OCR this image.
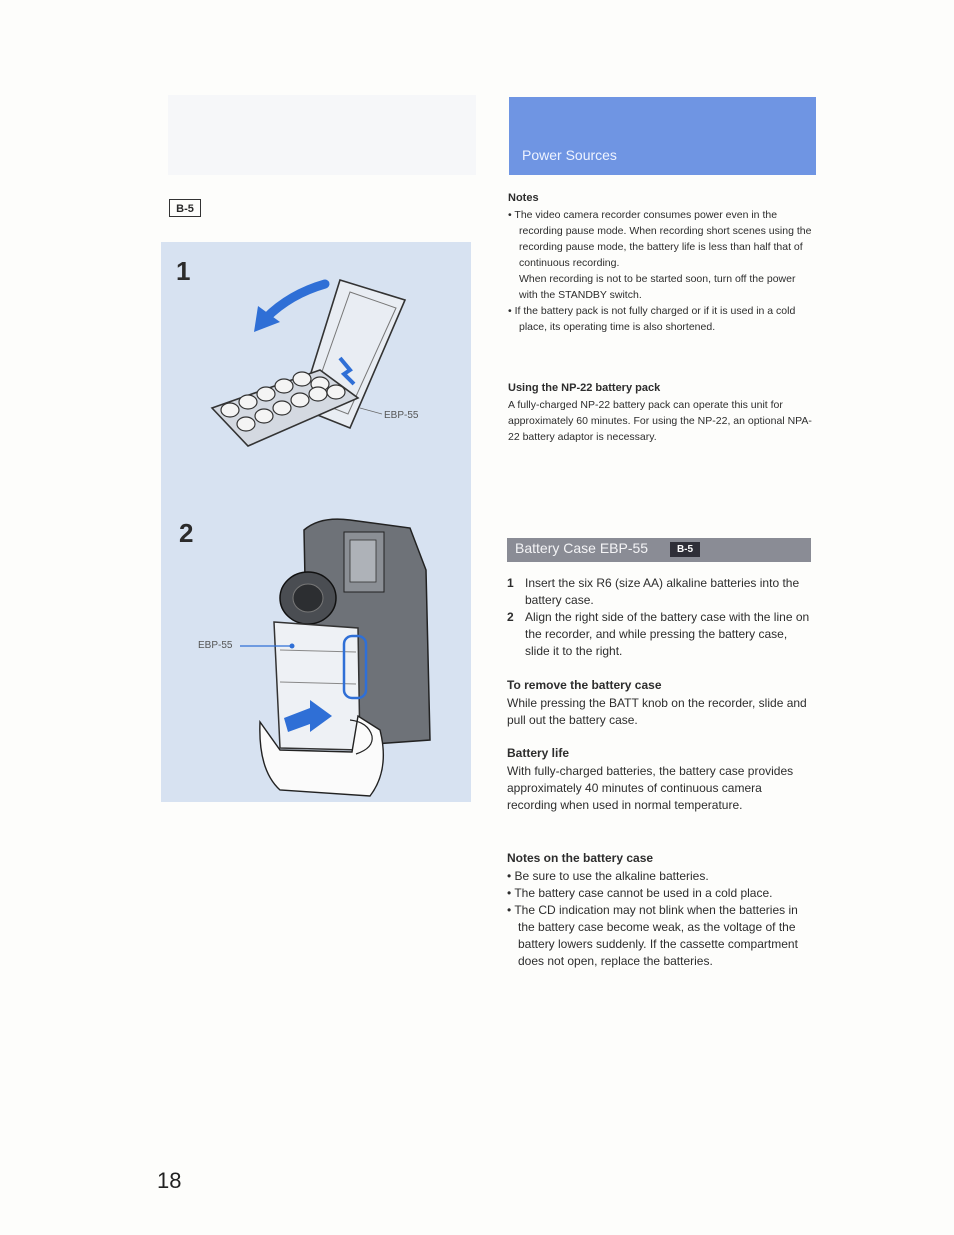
B-5
1
EBP-55
2
EBP-55
18
Power Sources

Notes

• The video camera recorder consumes power even in the recording pause mode. When recording short scenes using the recording pause mode, the battery life is less than half that of continuous recording.

When recording is not to be started soon, turn off the power with the STANDBY switch.

• If the battery pack is not fully charged or if it is used in a cold place, its operating time is also shortened.

Using the NP-22 battery pack

A fully-charged NP-22 battery pack can operate this unit for approximately 60 minutes. For using the NP-22, an optional NPA-22 battery adaptor is necessary.

Battery Case EBP-55	B-5

1 Insert the six R6 (size AA) alkaline batteries into the battery case.

2 Align the right side of the battery case with the line on the recorder, and while pressing the battery case, slide it to the right.

To remove the battery case

While pressing the BATT knob on the recorder, slide and pull out the battery case.

Battery life

With fully-charged batteries, the battery case provides approximately 40 minutes of continuous camera recording when used in normal temperature.

Notes on the battery case

• Be sure to use the alkaline batteries.

• The battery case cannot be used in a cold place.

• The CD indication may not blink when the batteries in the battery case become weak, as the voltage of the battery lowers suddenly. If the cassette compartment does not open, replace the batteries.
